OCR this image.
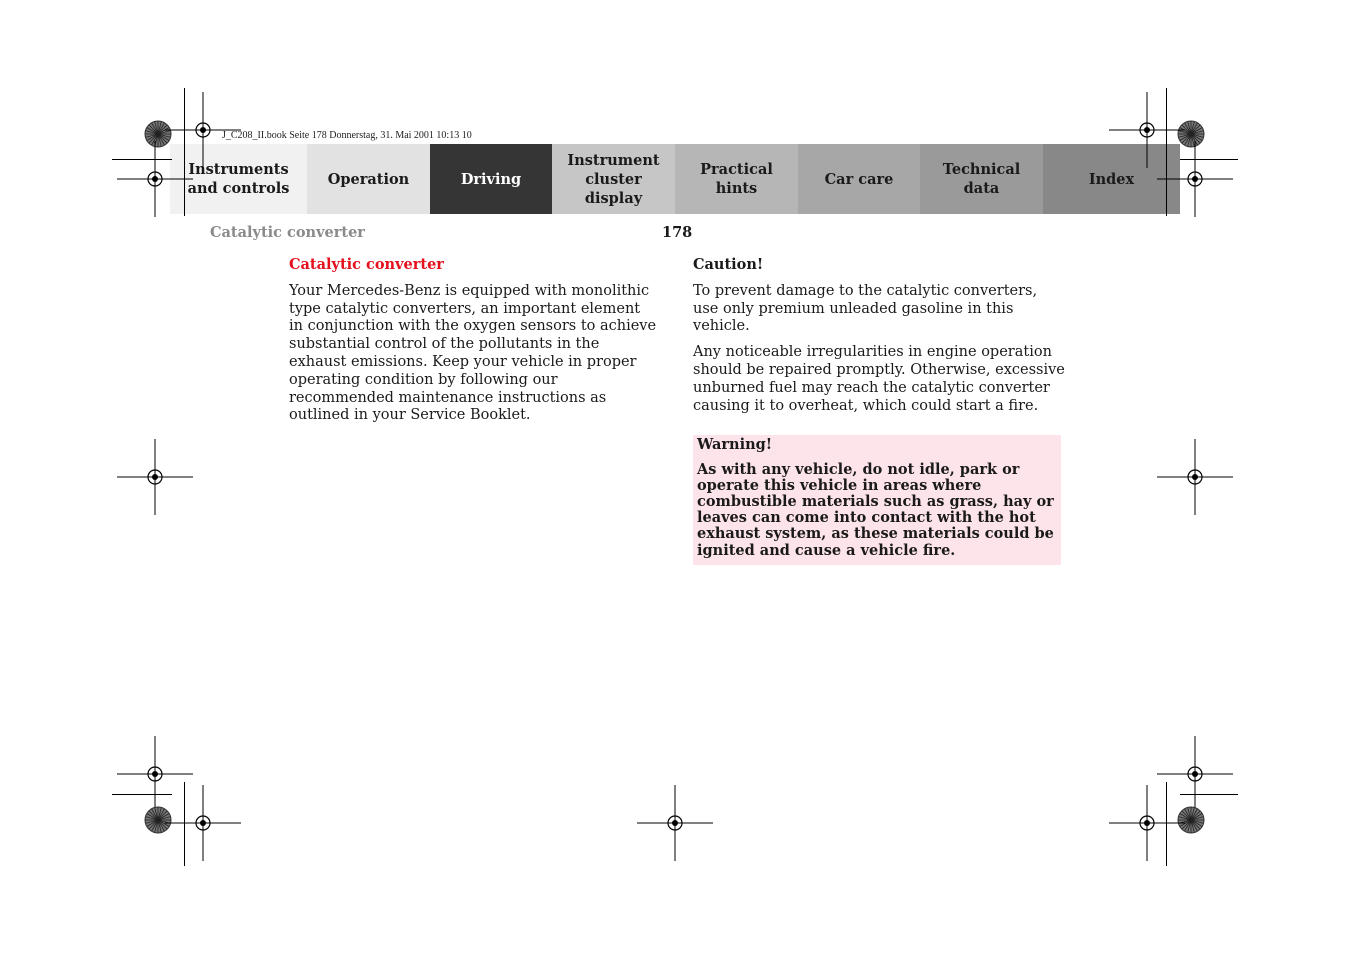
J_C208_II.book Seite 178 Donnerstag, 31. Mai 2001 10:13 10
Instruments
and controls
Operation	Driving
Instrument
cluster display
Practical hints
Car care
Technical
data
Index
Catalytic converter	178
Catalytic converter

Your Mercedes-Benz is equipped with monolithic type catalytic converters, an important element in conjunction with the oxygen sensors to achieve substantial control of the pollutants in the exhaust emissions. Keep your vehicle in proper operating condition by following our recommended maintenance instructions as outlined in your Service Booklet.

Caution!

To prevent damage to the catalytic converters, use only premium unleaded gasoline in this vehicle.

Any noticeable irregularities in engine operation should be repaired promptly. Otherwise, excessive unburned fuel may reach the catalytic converter causing it to overheat, which could start a fire.

Warning!
As with any vehicle, do not idle, park or operate this vehicle in areas where combustible materials such as grass, hay or leaves can come into contact with the hot exhaust system, as these materials could be ignited and cause a vehicle fire.
